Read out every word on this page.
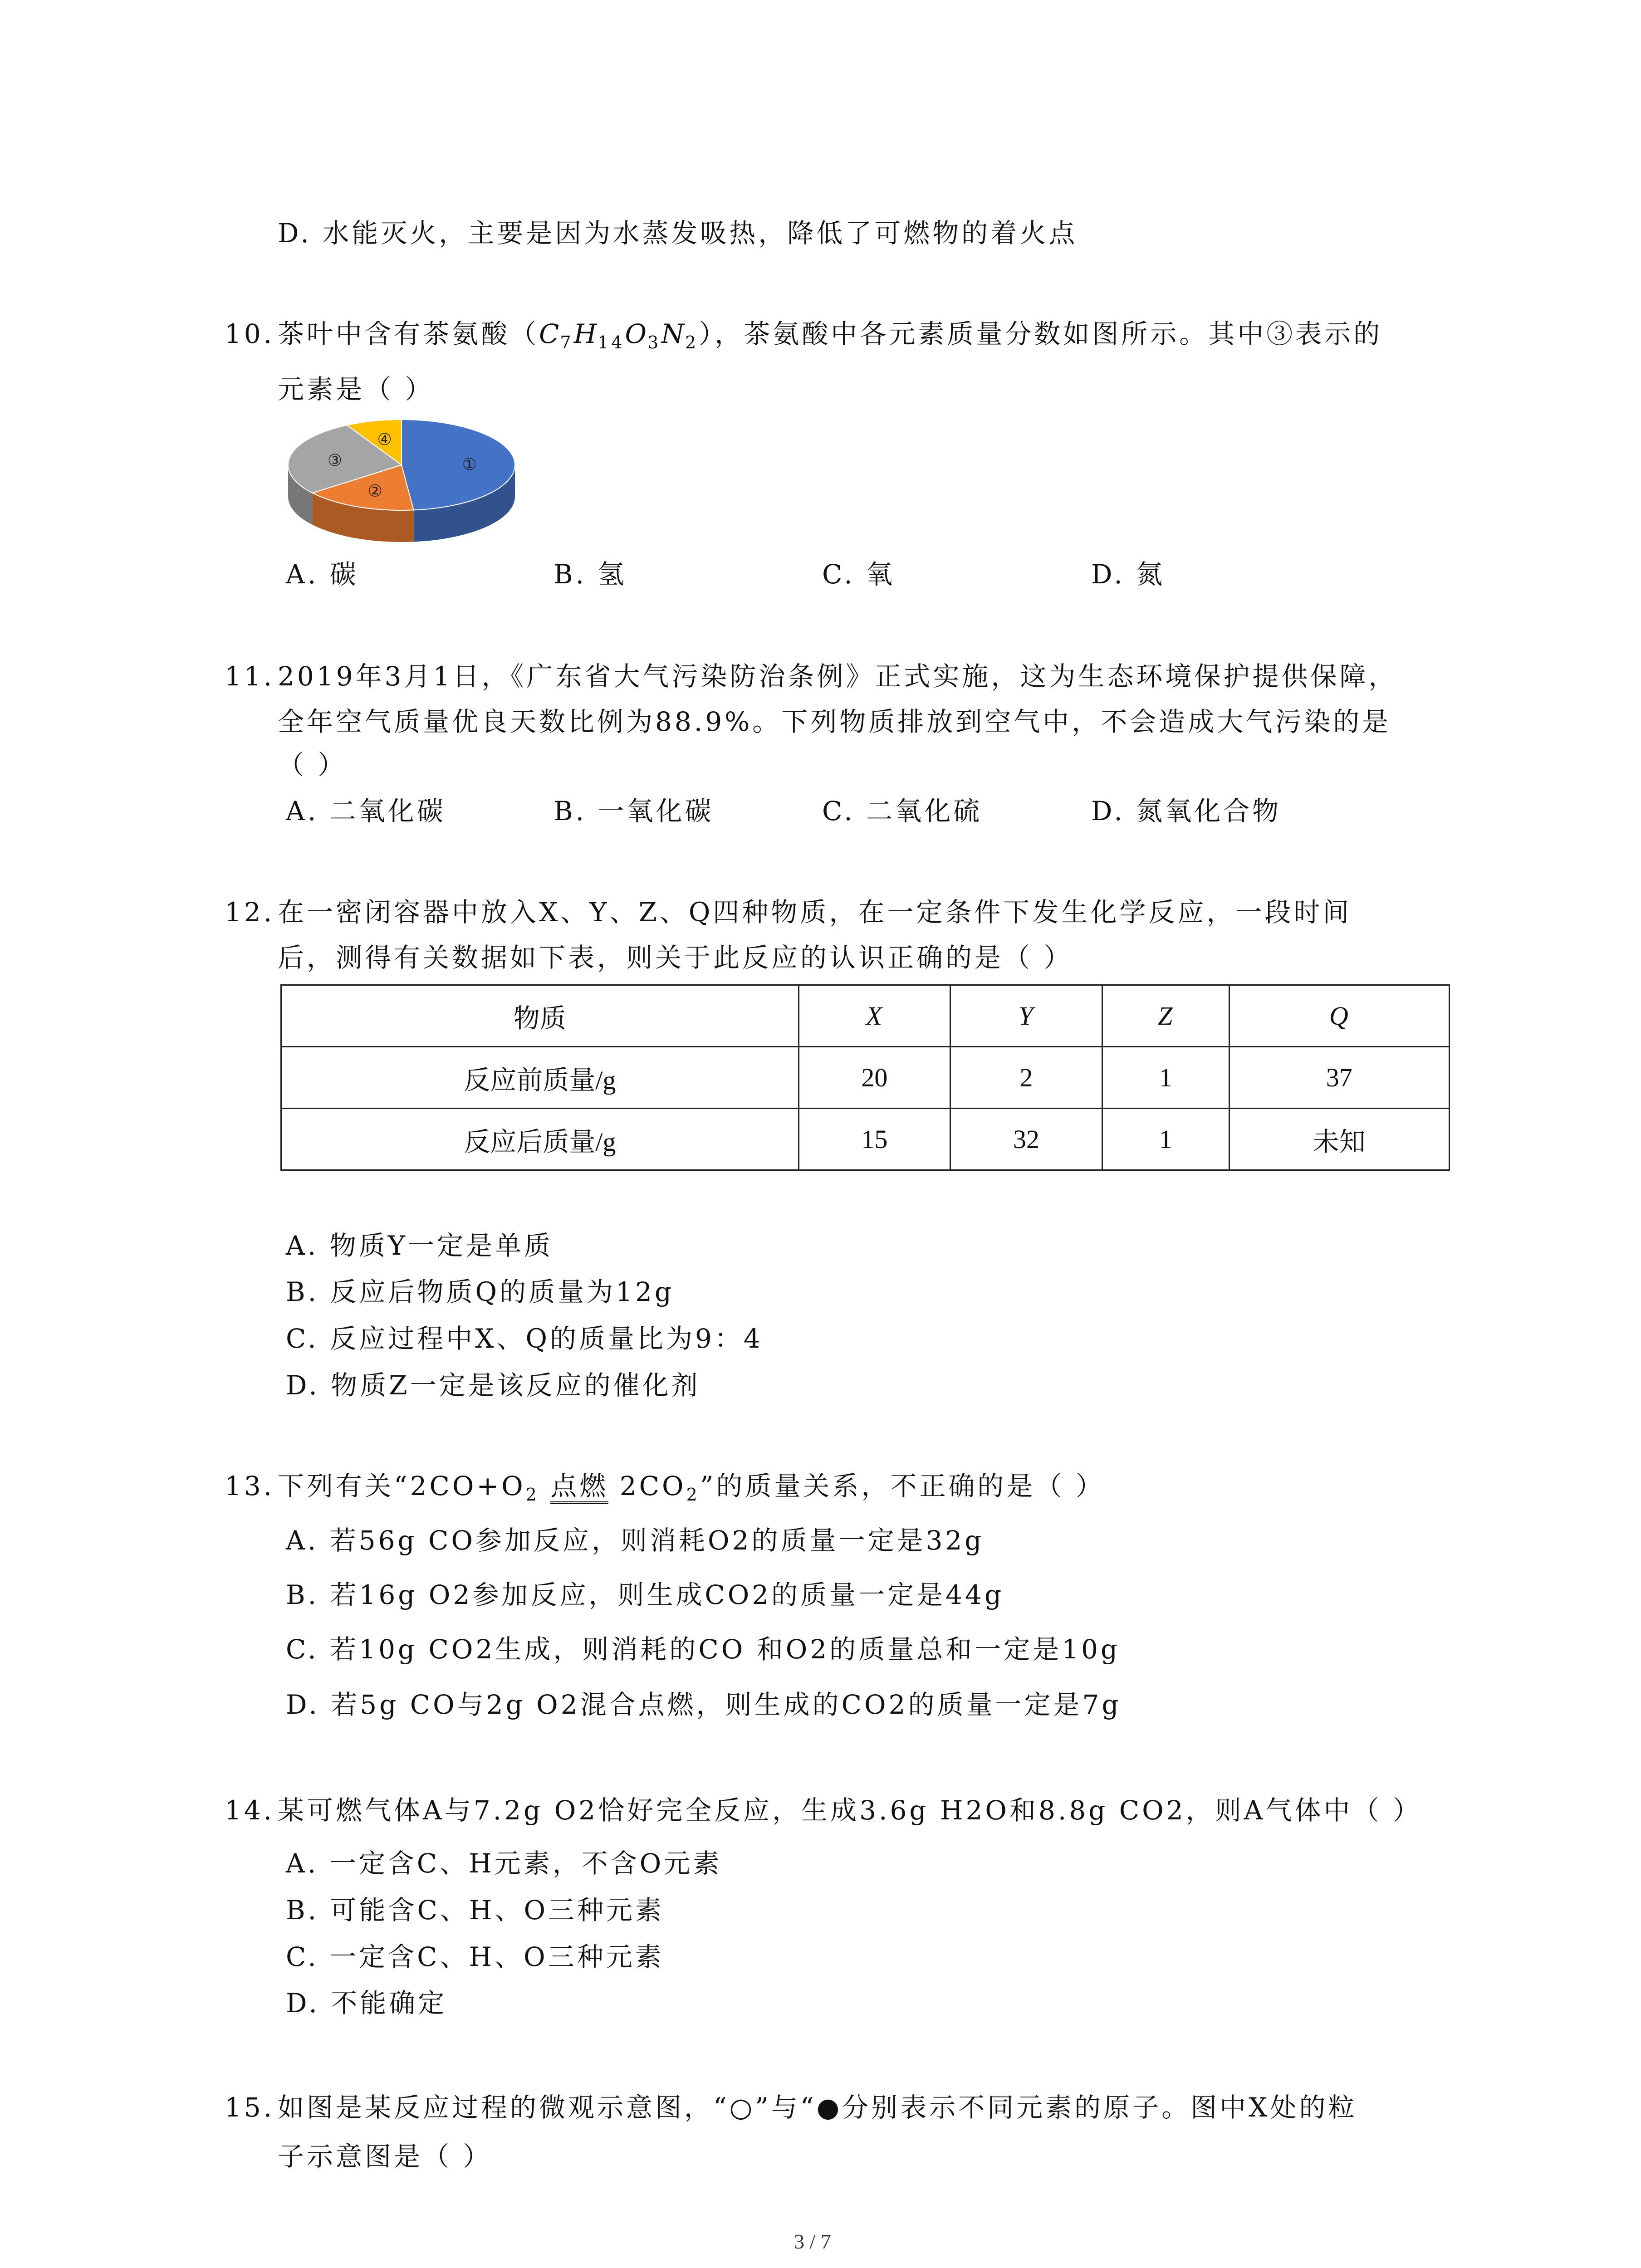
D. 水能灭火，主要是因为水蒸发吸热，降低了可燃物的着火点
10. 茶叶中含有茶氨酸$(C_7H_{14}O_3N_2)$，茶氨酸中各元素质量分数如图所示。其中③表示的
元素是（ ）
①
②
③
④
A. 碳	B. 氢	C. 氧	D. 氮
11. 2019年3月1日，《广东省大气污染防治条例》正式实施，这为生态环境保护提供保障，
全年空气质量优良天数比例为88.9%。下列物质排放到空气中，不会造成大气污染的是
（ ）
A. 二氧化碳	B. 一氧化碳	C. 二氧化硫	D. 氮氧化合物
12. 在一密闭容器中放入X、Y、Z、Q四种物质，在一定条件下发生化学反应，一段时间
后，测得有关数据如下表，则关于此反应的认识正确的是（ ）
物质	X	Y	Z	Q
反应前质量/g	20	2	1	37
反应后质量/g	15	32	1	未知
A. 物质Y一定是单质
B. 反应后物质Q的质量为12g
C. 反应过程中X、Q的质量比为9：4
D. 物质Z一定是该反应的催化剂
13. 下列有关“$2CO+O_2$ 点燃 $2CO_2$”的质量关系，不正确的是（ ）
A. 若56g CO参加反应，则消耗O2的质量一定是32g
B. 若16g O2参加反应，则生成CO2的质量一定是44g
C. 若10g CO2生成，则消耗的CO 和O2的质量总和一定是10g
D. 若5g CO与2g O2混合点燃，则生成的CO2的质量一定是7g
14. 某可燃气体A与7.2g O2恰好完全反应，生成3.6g H2O和8.8g CO2，则A气体中（ ）
A. 一定含C、H元素，不含O元素
B. 可能含C、H、O三种元素
C. 一定含C、H、O三种元素
D. 不能确定
15. 如图是某反应过程的微观示意图，“○”与“●分别表示不同元素的原子。图中X处的粒
子示意图是（ ）
3 / 7
